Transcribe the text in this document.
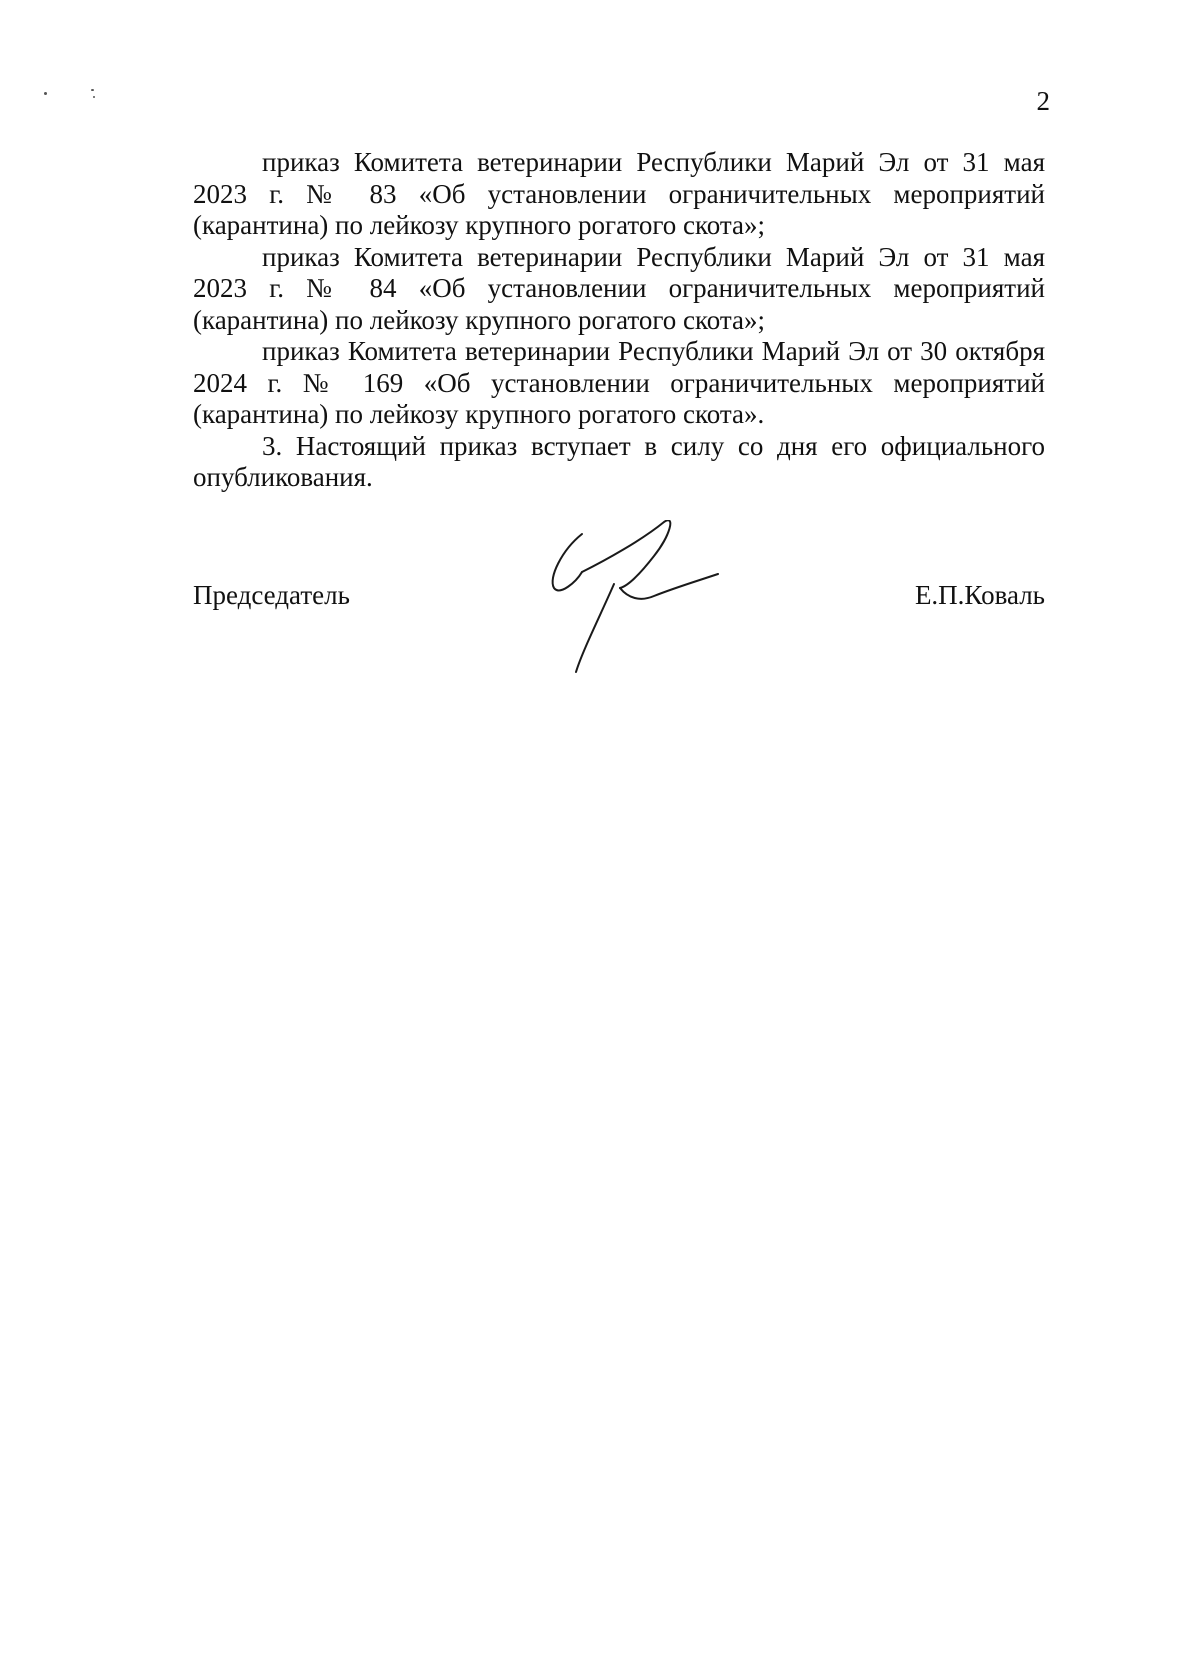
2

приказ Комитета ветеринарии Республики Марий Эл от 31 мая 2023 г. № 83 «Об установлении ограничительных мероприятий (карантина) по лейкозу крупного рогатого скота»;

приказ Комитета ветеринарии Республики Марий Эл от 31 мая 2023 г. № 84 «Об установлении ограничительных мероприятий (карантина) по лейкозу крупного рогатого скота»;

приказ Комитета ветеринарии Республики Марий Эл от 30 октября 2024 г. № 169 «Об установлении ограничительных мероприятий (карантина) по лейкозу крупного рогатого скота».

3. Настоящий приказ вступает в силу со дня его официального опубликования.

Председатель	Е.П.Коваль
